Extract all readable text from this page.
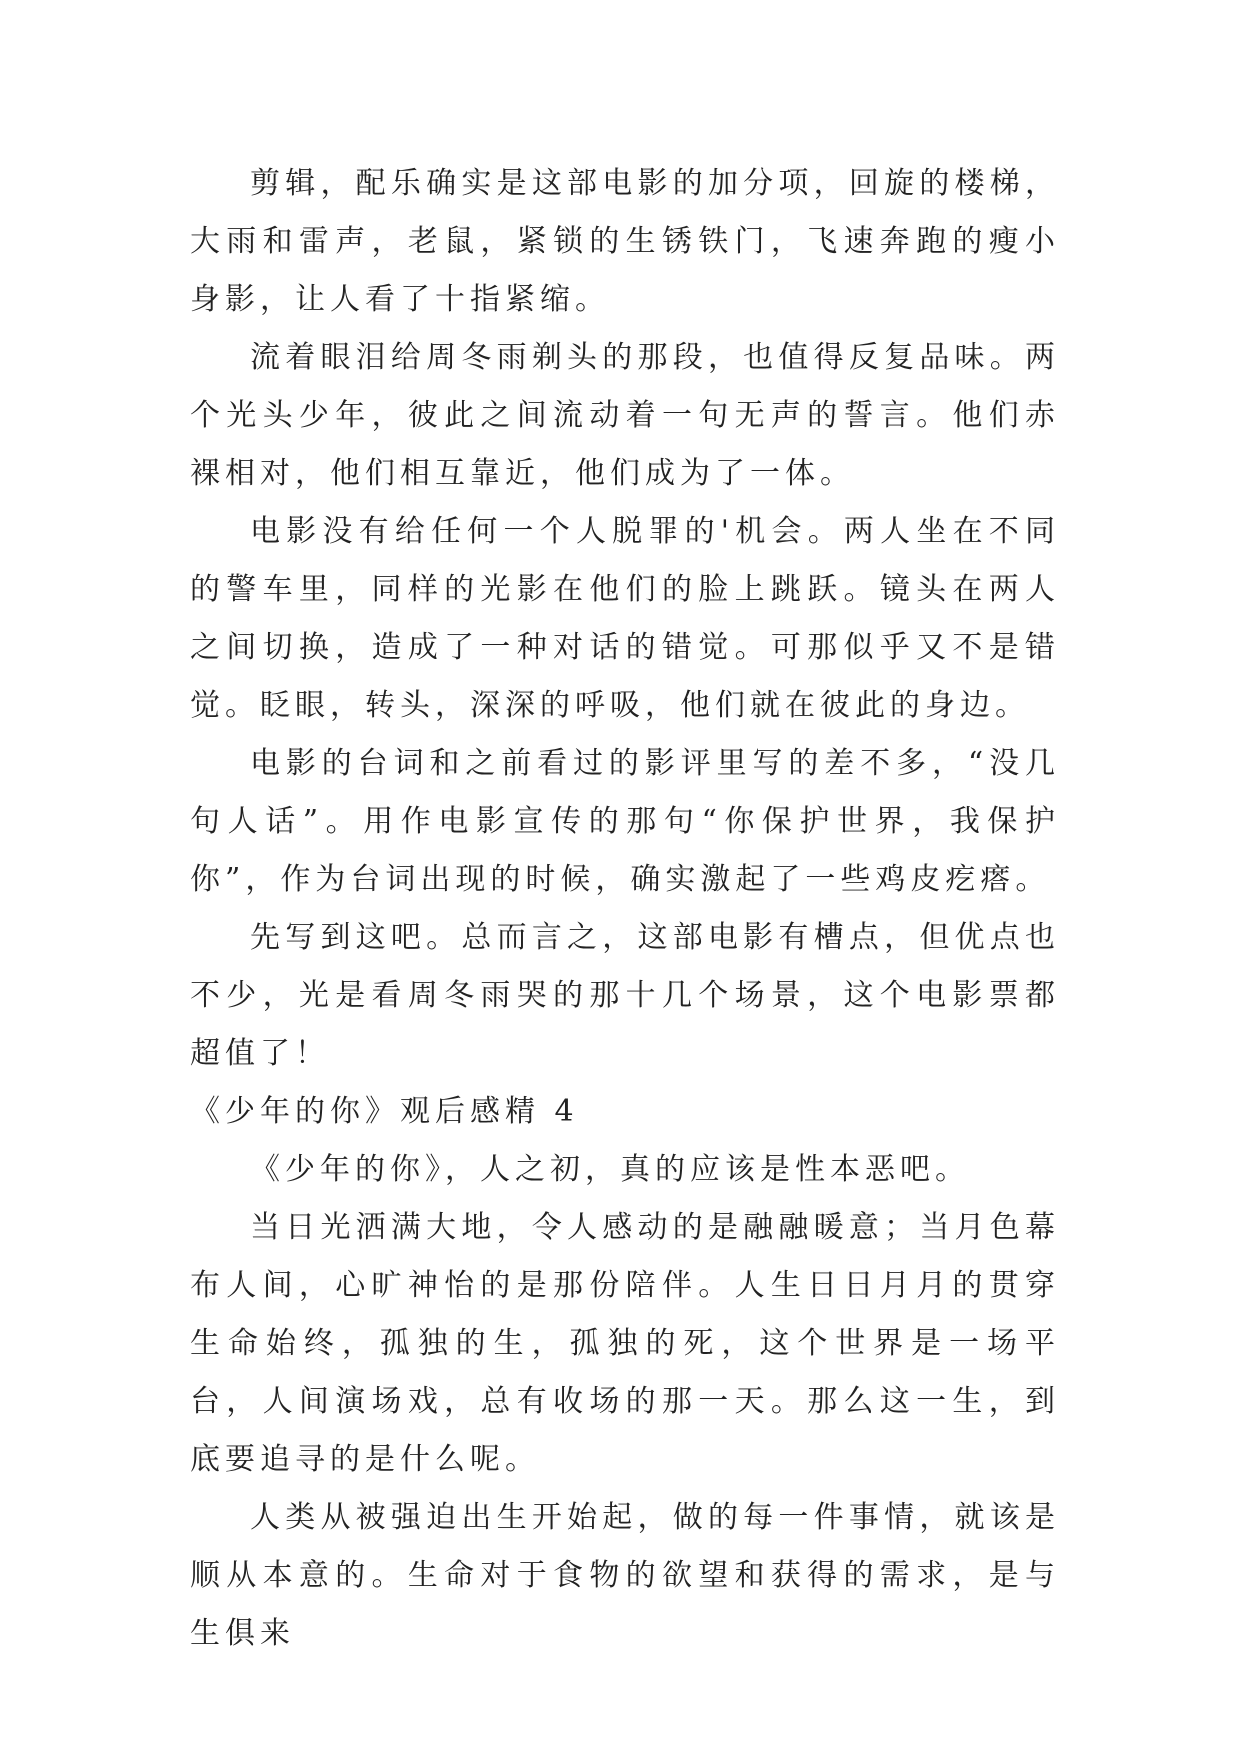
剪辑，配乐确实是这部电影的加分项，回旋的楼梯，大雨和雷声，老鼠，紧锁的生锈铁门，飞速奔跑的瘦小身影，让人看了十指紧缩。

流着眼泪给周冬雨剃头的那段，也值得反复品味。两个光头少年，彼此之间流动着一句无声的誓言。他们赤裸相对，他们相互靠近，他们成为了一体。

电影没有给任何一个人脱罪的'机会。两人坐在不同的警车里，同样的光影在他们的脸上跳跃。镜头在两人之间切换，造成了一种对话的错觉。可那似乎又不是错觉。眨眼，转头，深深的呼吸，他们就在彼此的身边。

电影的台词和之前看过的影评里写的差不多，“没几句人话”。用作电影宣传的那句“你保护世界，我保护你”，作为台词出现的时候，确实激起了一些鸡皮疙瘩。

先写到这吧。总而言之，这部电影有槽点，但优点也不少，光是看周冬雨哭的那十几个场景，这个电影票都超值了！

《少年的你》观后感精 4

《少年的你》，人之初，真的应该是性本恶吧。

当日光洒满大地，令人感动的是融融暖意；当月色幕布人间，心旷神怡的是那份陪伴。人生日日月月的贯穿生命始终，孤独的生，孤独的死，这个世界是一场平台，人间演场戏，总有收场的那一天。那么这一生，到底要追寻的是什么呢。

人类从被强迫出生开始起，做的每一件事情，就该是顺从本意的。生命对于食物的欲望和获得的需求，是与生俱来
